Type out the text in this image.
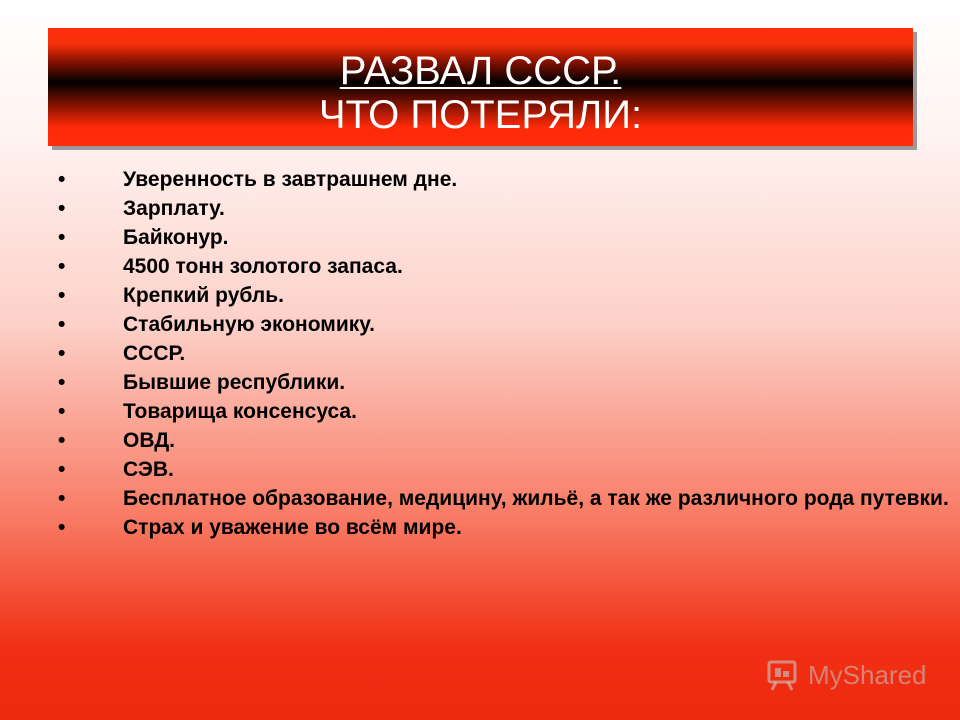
РАЗВАЛ СССР.
ЧТО ПОТЕРЯЛИ:
•	Уверенность в завтрашнем дне.
•	Зарплату.
•	Байконур.
•	4500 тонн золотого запаса.
•	Крепкий рубль.
•	Стабильную экономику.
•	СССР.
•	Бывшие республики.
•	Товарища консенсуса.
•	ОВД.
•	СЭВ.
•	Бесплатное образование, медицину, жильё, а так же различного рода путевки.
•	Страх и уважение во всём мире.
MyShared
